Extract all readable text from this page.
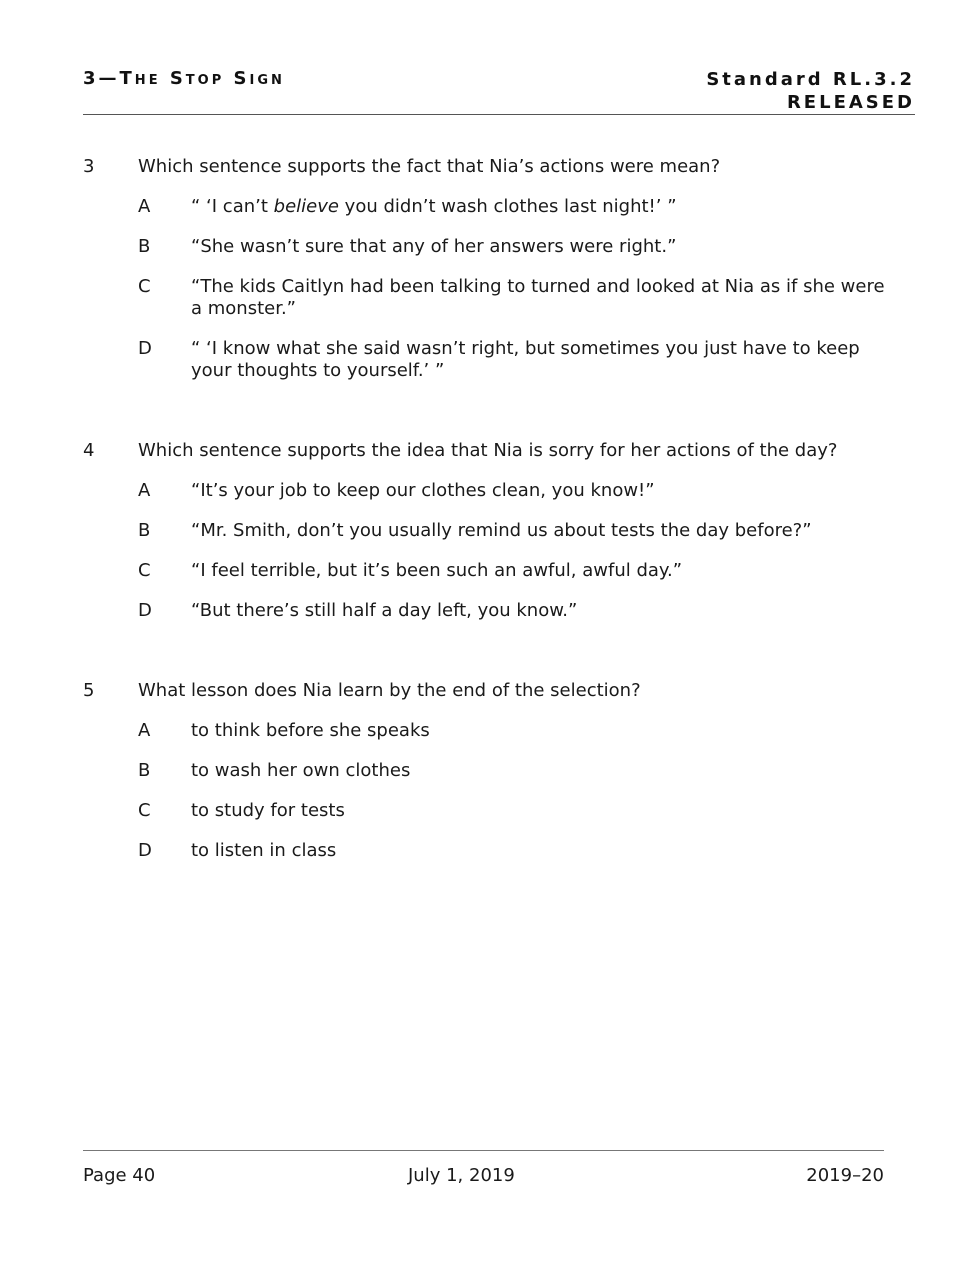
3—The Stop Sign	Standard RL.3.2
RELEASED
3 Which sentence supports the fact that Nia’s actions were mean?
A “ ‘I can’t believe you didn’t wash clothes last night!’ ”
B “She wasn’t sure that any of her answers were right.”
C “The kids Caitlyn had been talking to turned and looked at Nia as if she were a monster.”
D “ ‘I know what she said wasn’t right, but sometimes you just have to keep your thoughts to yourself.’ ”
4 Which sentence supports the idea that Nia is sorry for her actions of the day?
A “It’s your job to keep our clothes clean, you know!”
B “Mr. Smith, don’t you usually remind us about tests the day before?”
C “I feel terrible, but it’s been such an awful, awful day.”
D “But there’s still half a day left, you know.”
5 What lesson does Nia learn by the end of the selection?
A to think before she speaks
B to wash her own clothes
C to study for tests
D to listen in class
Page 40	July 1, 2019	2019–20
